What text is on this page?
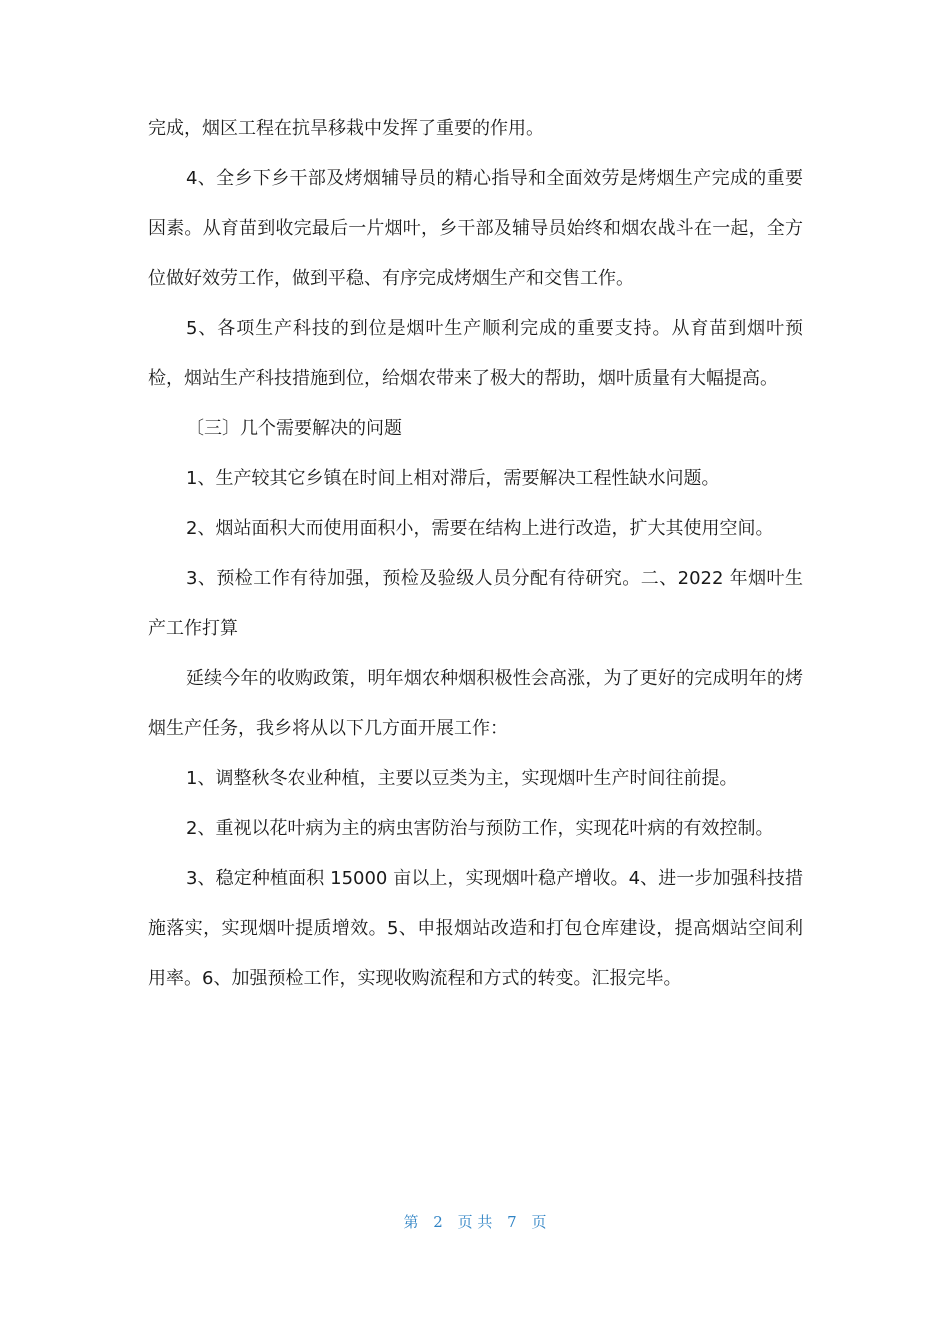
完成，烟区工程在抗旱移栽中发挥了重要的作用。

4、全乡下乡干部及烤烟辅导员的精心指导和全面效劳是烤烟生产完成的重要因素。从育苗到收完最后一片烟叶，乡干部及辅导员始终和烟农战斗在一起，全方位做好效劳工作，做到平稳、有序完成烤烟生产和交售工作。

5、各项生产科技的到位是烟叶生产顺利完成的重要支持。从育苗到烟叶预检，烟站生产科技措施到位，给烟农带来了极大的帮助，烟叶质量有大幅提高。

〔三〕几个需要解决的问题

1、生产较其它乡镇在时间上相对滞后，需要解决工程性缺水问题。

2、烟站面积大而使用面积小，需要在结构上进行改造，扩大其使用空间。

3、预检工作有待加强，预检及验级人员分配有待研究。二、2022 年烟叶生产工作打算

延续今年的收购政策，明年烟农种烟积极性会高涨，为了更好的完成明年的烤烟生产任务，我乡将从以下几方面开展工作：

1、调整秋冬农业种植，主要以豆类为主，实现烟叶生产时间往前提。

2、重视以花叶病为主的病虫害防治与预防工作，实现花叶病的有效控制。

3、稳定种植面积 15000 亩以上，实现烟叶稳产增收。4、进一步加强科技措施落实，实现烟叶提质增效。5、申报烟站改造和打包仓库建设，提高烟站空间利用率。6、加强预检工作，实现收购流程和方式的转变。汇报完毕。

第 2 页 共 7 页
